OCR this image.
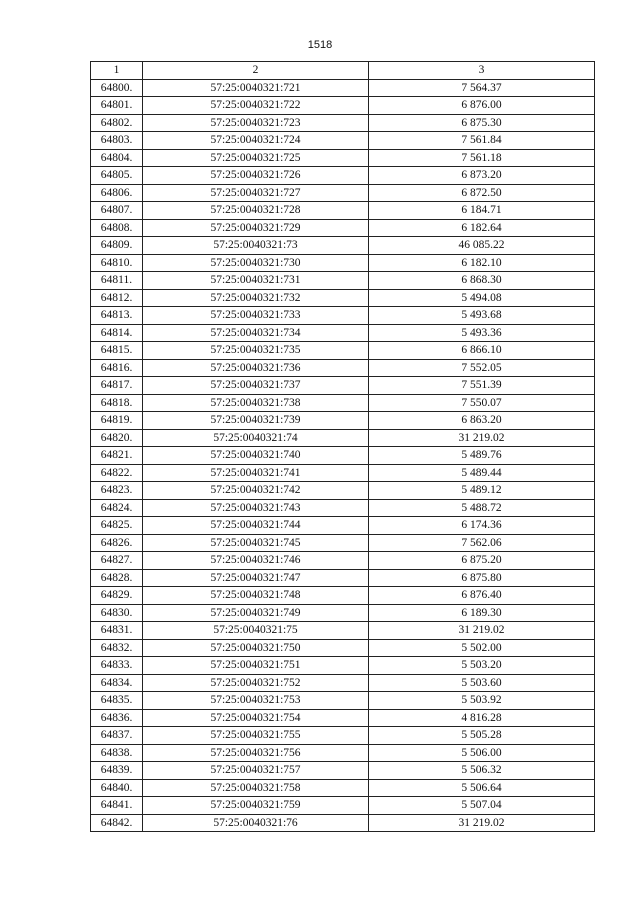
1518
1	2	3
64800.	57:25:0040321:721	7 564.37
64801.	57:25:0040321:722	6 876.00
64802.	57:25:0040321:723	6 875.30
64803.	57:25:0040321:724	7 561.84
64804.	57:25:0040321:725	7 561.18
64805.	57:25:0040321:726	6 873.20
64806.	57:25:0040321:727	6 872.50
64807.	57:25:0040321:728	6 184.71
64808.	57:25:0040321:729	6 182.64
64809.	57:25:0040321:73	46 085.22
64810.	57:25:0040321:730	6 182.10
64811.	57:25:0040321:731	6 868.30
64812.	57:25:0040321:732	5 494.08
64813.	57:25:0040321:733	5 493.68
64814.	57:25:0040321:734	5 493.36
64815.	57:25:0040321:735	6 866.10
64816.	57:25:0040321:736	7 552.05
64817.	57:25:0040321:737	7 551.39
64818.	57:25:0040321:738	7 550.07
64819.	57:25:0040321:739	6 863.20
64820.	57:25:0040321:74	31 219.02
64821.	57:25:0040321:740	5 489.76
64822.	57:25:0040321:741	5 489.44
64823.	57:25:0040321:742	5 489.12
64824.	57:25:0040321:743	5 488.72
64825.	57:25:0040321:744	6 174.36
64826.	57:25:0040321:745	7 562.06
64827.	57:25:0040321:746	6 875.20
64828.	57:25:0040321:747	6 875.80
64829.	57:25:0040321:748	6 876.40
64830.	57:25:0040321:749	6 189.30
64831.	57:25:0040321:75	31 219.02
64832.	57:25:0040321:750	5 502.00
64833.	57:25:0040321:751	5 503.20
64834.	57:25:0040321:752	5 503.60
64835.	57:25:0040321:753	5 503.92
64836.	57:25:0040321:754	4 816.28
64837.	57:25:0040321:755	5 505.28
64838.	57:25:0040321:756	5 506.00
64839.	57:25:0040321:757	5 506.32
64840.	57:25:0040321:758	5 506.64
64841.	57:25:0040321:759	5 507.04
64842.	57:25:0040321:76	31 219.02
